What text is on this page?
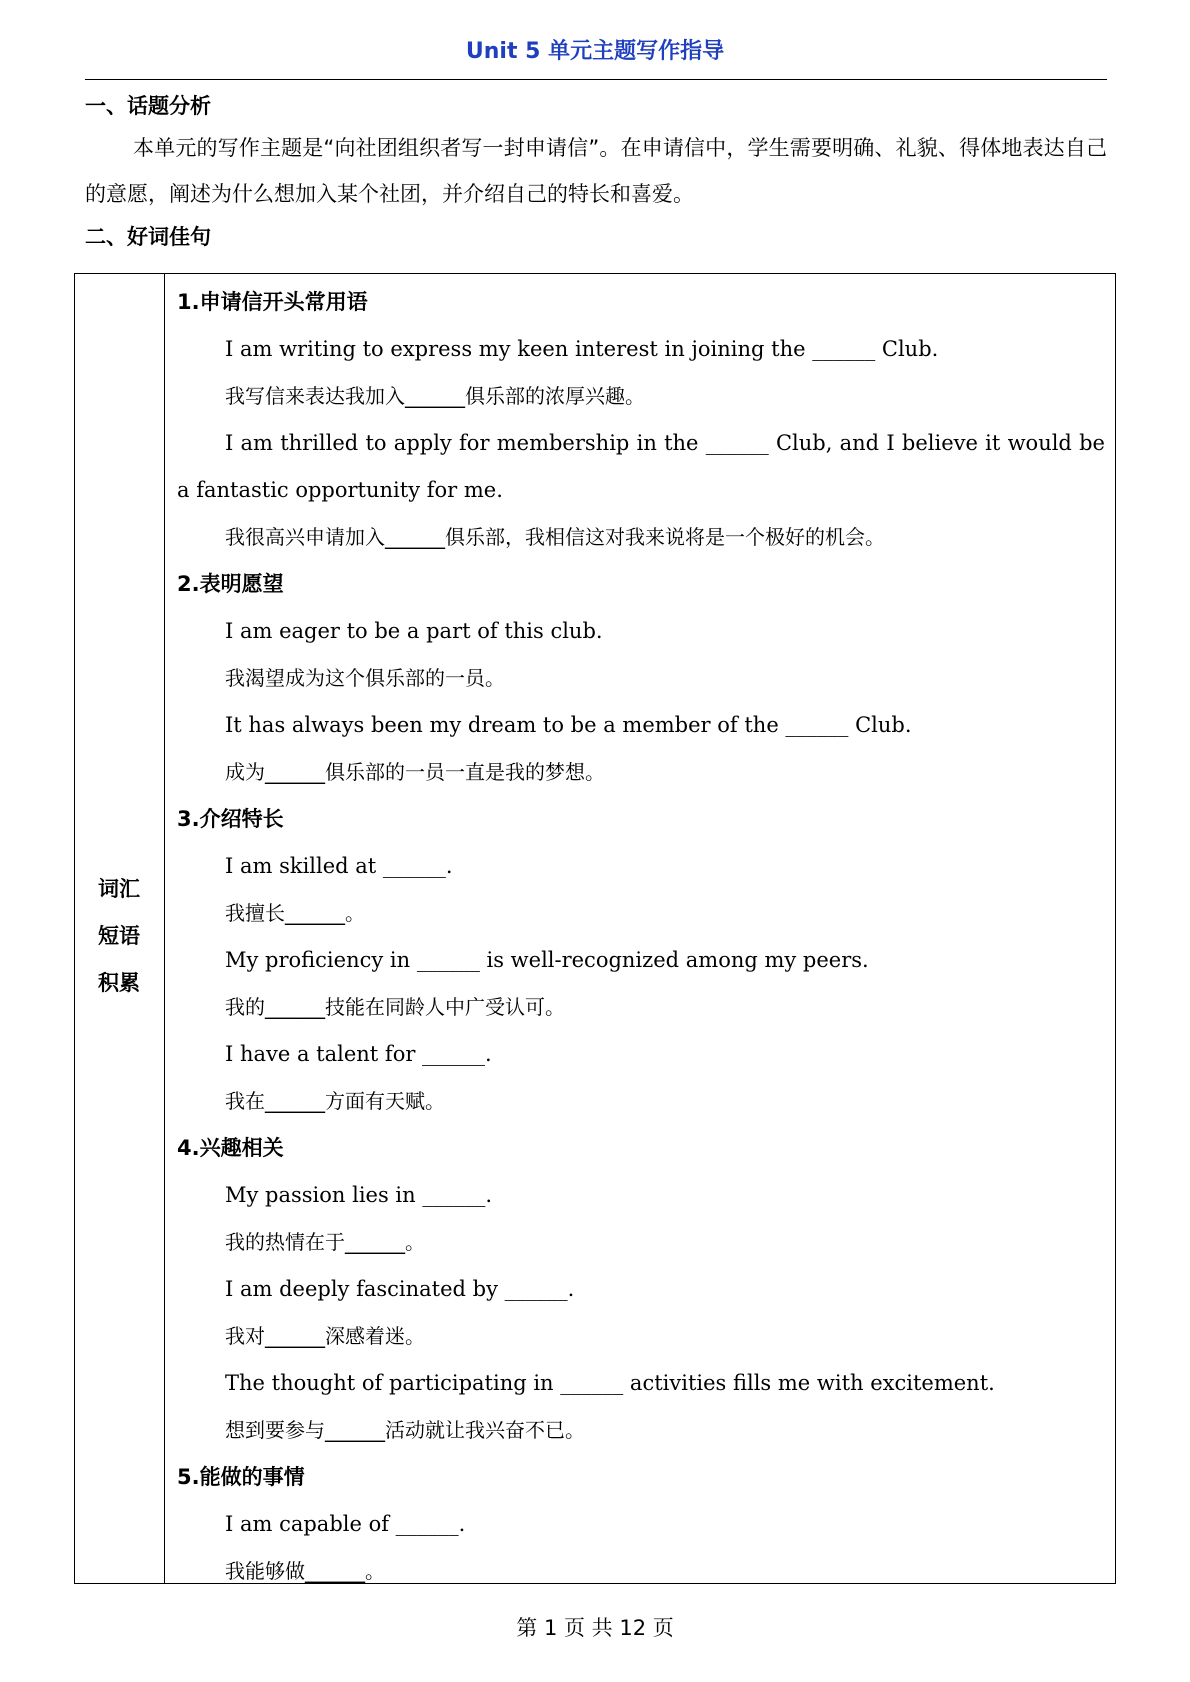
Unit 5 单元主题写作指导
一、话题分析
本单元的写作主题是“向社团组织者写一封申请信”。在申请信中，学生需要明确、礼貌、得体地表达自己的意愿，阐述为什么想加入某个社团，并介绍自己的特长和喜爱。
二、好词佳句
词汇
短语
积累
1.申请信开头常用语
I am writing to express my keen interest in joining the ______ Club.
我写信来表达我加入______俱乐部的浓厚兴趣。
I am thrilled to apply for membership in the ______ Club, and I believe it would be a fantastic opportunity for me.
我很高兴申请加入______俱乐部，我相信这对我来说将是一个极好的机会。
2.表明愿望
I am eager to be a part of this club.
我渴望成为这个俱乐部的一员。
It has always been my dream to be a member of the ______ Club.
成为______俱乐部的一员一直是我的梦想。
3.介绍特长
I am skilled at ______.
我擅长______。
My proficiency in ______ is well-recognized among my peers.
我的______技能在同龄人中广受认可。
I have a talent for ______.
我在______方面有天赋。
4.兴趣相关
My passion lies in ______.
我的热情在于______。
I am deeply fascinated by ______.
我对______深感着迷。
The thought of participating in ______ activities fills me with excitement.
想到要参与______活动就让我兴奋不已。
5.能做的事情
I am capable of ______.
我能够做______。
第 1 页 共 12 页
